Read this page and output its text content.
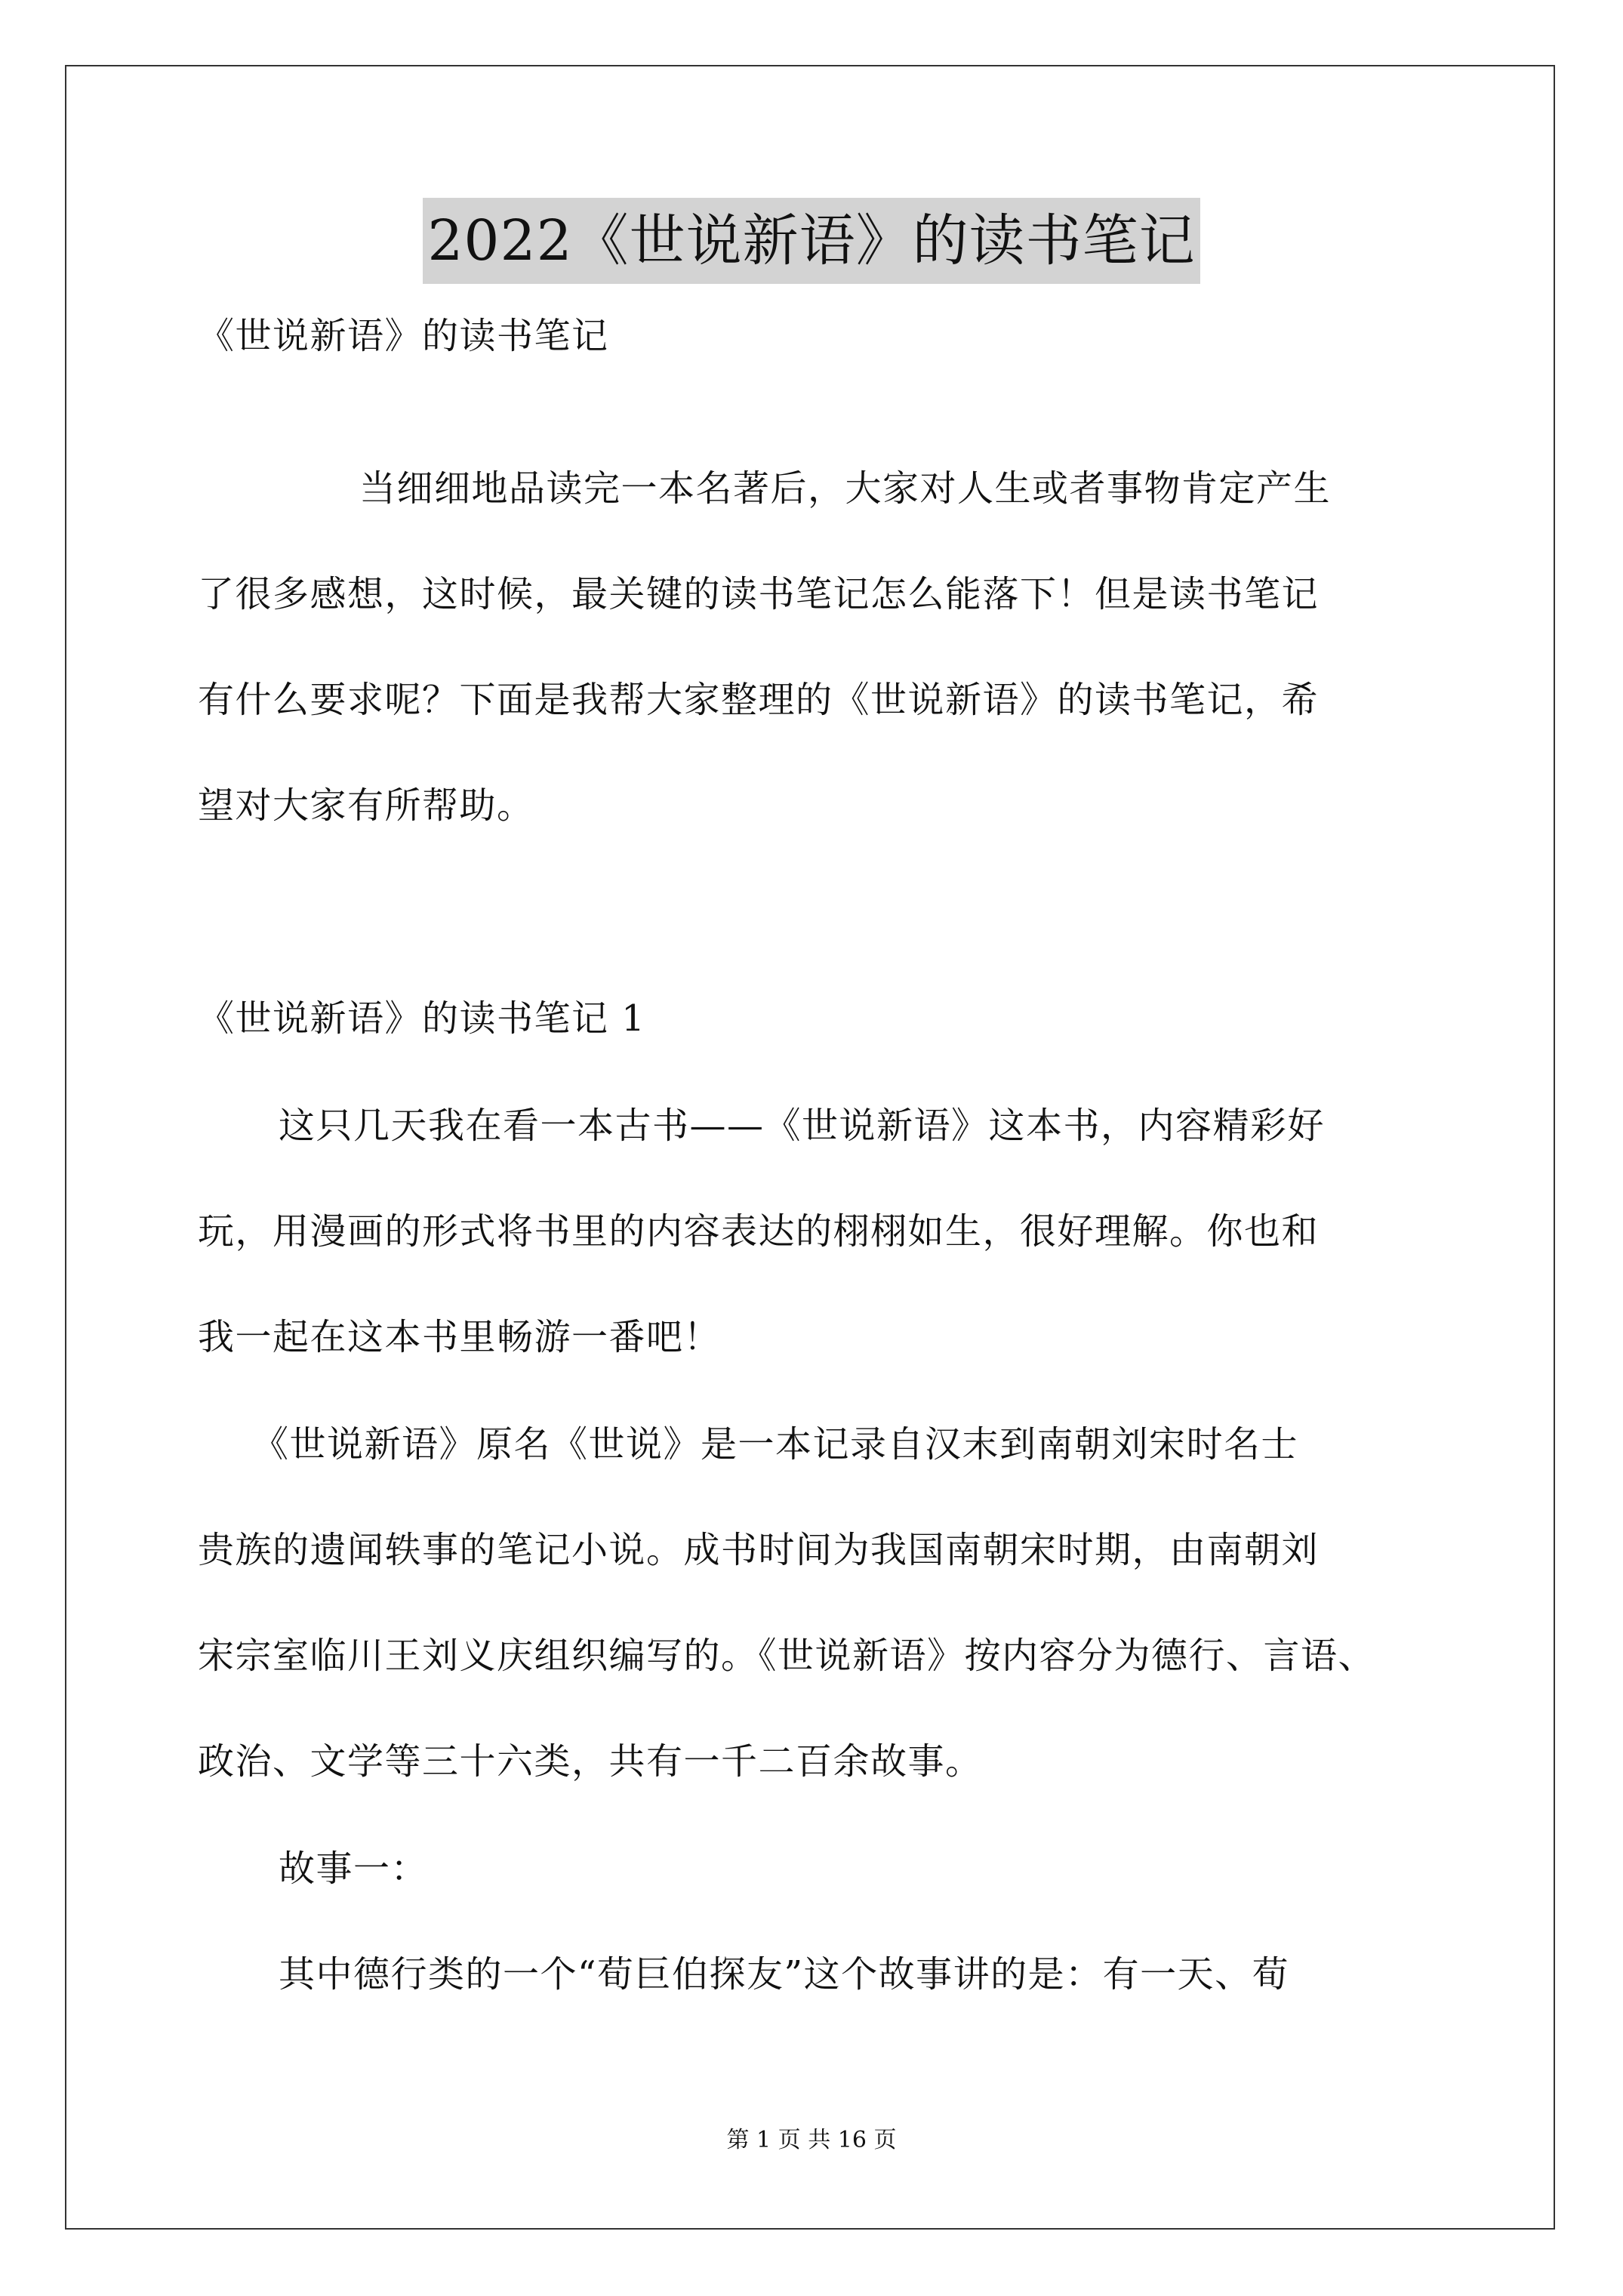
2022《世说新语》的读书笔记
《世说新语》的读书笔记
当细细地品读完一本名著后，大家对人生或者事物肯定产生
了很多感想，这时候，最关键的读书笔记怎么能落下！但是读书笔记
有什么要求呢？下面是我帮大家整理的《世说新语》的读书笔记，希
望对大家有所帮助。
《世说新语》的读书笔记 1
这只几天我在看一本古书——《世说新语》这本书，内容精彩好
玩，用漫画的形式将书里的内容表达的栩栩如生，很好理解。你也和
我一起在这本书里畅游一番吧！
《世说新语》原名《世说》是一本记录自汉末到南朝刘宋时名士
贵族的遗闻轶事的笔记小说。成书时间为我国南朝宋时期，由南朝刘
宋宗室临川王刘义庆组织编写的。《世说新语》按内容分为德行、言语、
政治、文学等三十六类，共有一千二百余故事。
故事一：
其中德行类的一个“荀巨伯探友”这个故事讲的是：有一天、荀
第 1 页 共 16 页
